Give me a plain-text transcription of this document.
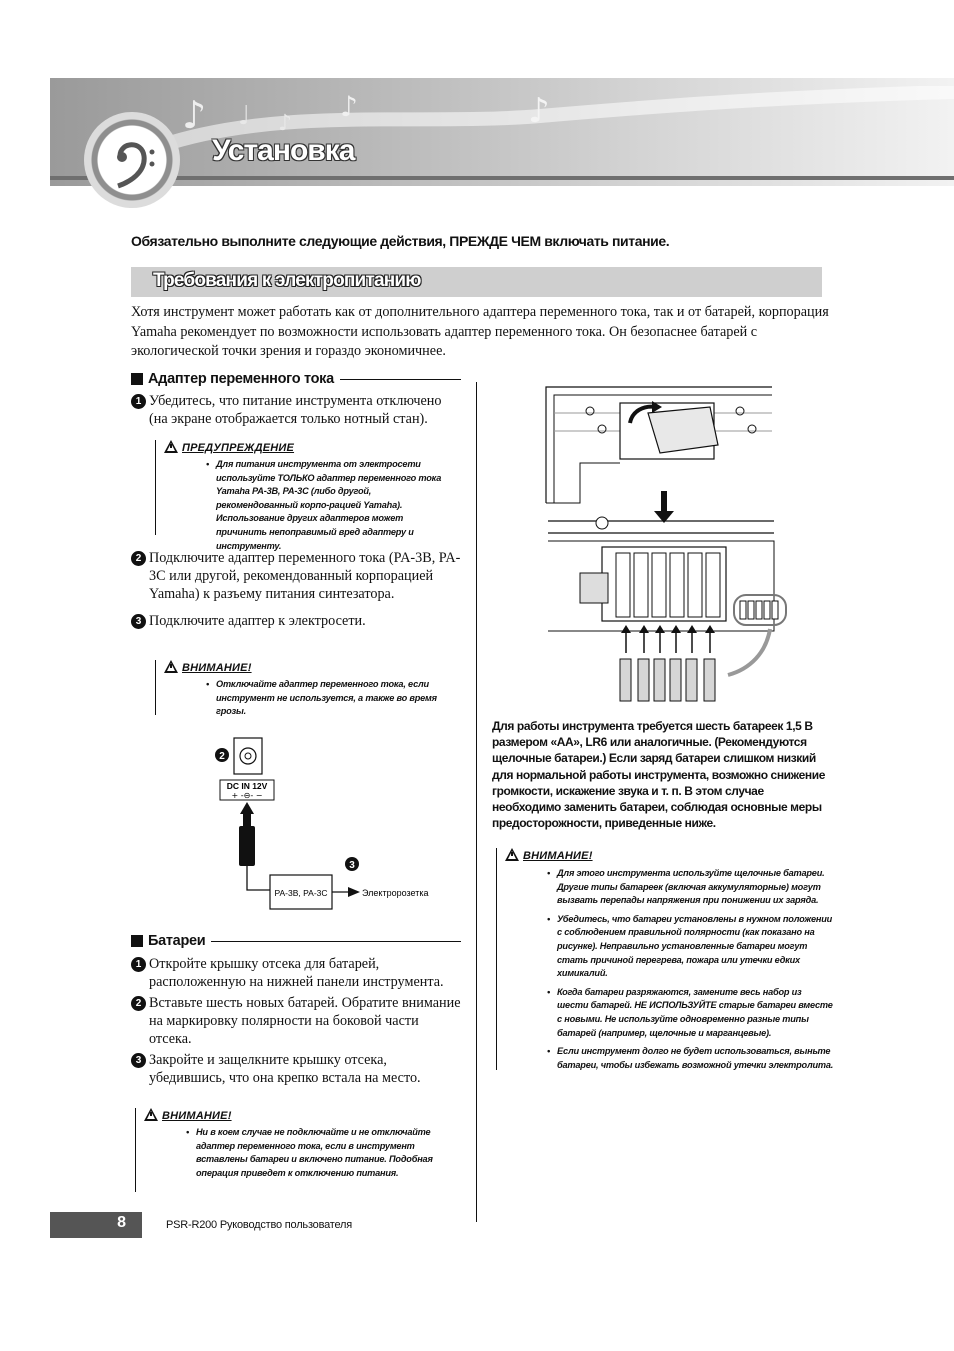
♪ ♩ ♪
♪	♪
Установка
Обязательно выполните следующие действия, ПРЕЖДЕ ЧЕМ включать питание.
Требования к электропитанию
Хотя инструмент может работать как от дополнительного адаптера переменного тока, так и от батарей, корпорация Yamaha рекомендует по возможности использовать адаптер переменного тока. Он безопаснее батарей с экологической точки зрения и гораздо экономичнее.
Адаптер переменного тока
1 Убедитесь, что питание инструмента отключено (на экране отображается только нотный стан).
ПРЕДУПРЕЖДЕНИЕ
• Для питания инструмента от электросети используйте ТОЛЬКО адаптер переменного тока Yamaha PA-3B, PA-3C (либо другой, рекомендованный корпо-рацией Yamaha). Использование других адаптеров может причинить непоправимый вред адаптеру и инструменту.
2 Подключите адаптер переменного тока (PA-3B, PA-3C или другой, рекомендованный корпорацией Yamaha) к разъему питания синтезатора.
3 Подключите адаптер к электросети.
ВНИМАНИЕ!
• Отключайте адаптер переменного тока, если инструмент не используется, а также во время грозы.
2
DC IN 12V
+ -⊖- −
3
PA-3B, PA-3C	Электророзетка
Батареи
1 Откройте крышку отсека для батарей, расположенную на нижней панели инструмента.
2 Вставьте шесть новых батарей. Обратите внимание на маркировку полярности на боковой части отсека.
3 Закройте и защелкните крышку отсека, убедившись, что она крепко встала на место.
ВНИМАНИЕ!
• Ни в коем случае не подключайте и не отключайте адаптер переменного тока, если в инструмент вставлены батареи и включено питание. Подобная операция приведет к отключению питания.
Для работы инструмента требуется шесть батареек 1,5 В размером «AA», LR6 или аналогичные. (Рекомендуются щелочные батареи.) Если заряд батареи слишком низкий для нормальной работы инструмента, возможно снижение громкости, искажение звука и т. п. В этом случае необходимо заменить батареи, соблюдая основные меры предосторожности, приведенные ниже.
ВНИМАНИЕ!
• Для этого инструмента используйте щелочные батареи. Другие типы батареек (включая аккумуляторные) могут вызвать перепады напряжения при понижении их заряда.
• Убедитесь, что батареи установлены в нужном положении с соблюдением правильной полярности (как показано на рисунке). Неправильно установленные батареи могут стать причиной перегрева, пожара или утечки едких химикалий.
• Когда батареи разряжаются, замените весь набор из шести батарей. НЕ ИСПОЛЬЗУЙТЕ старые батареи вместе с новыми. Не используйте одновременно разные типы батарей (например, щелочные и марганцевые).
• Если инструмент долго не будет использоваться, выньте батареи, чтобы избежать возможной утечки электролита.
8	PSR-R200 Руководство пользователя
